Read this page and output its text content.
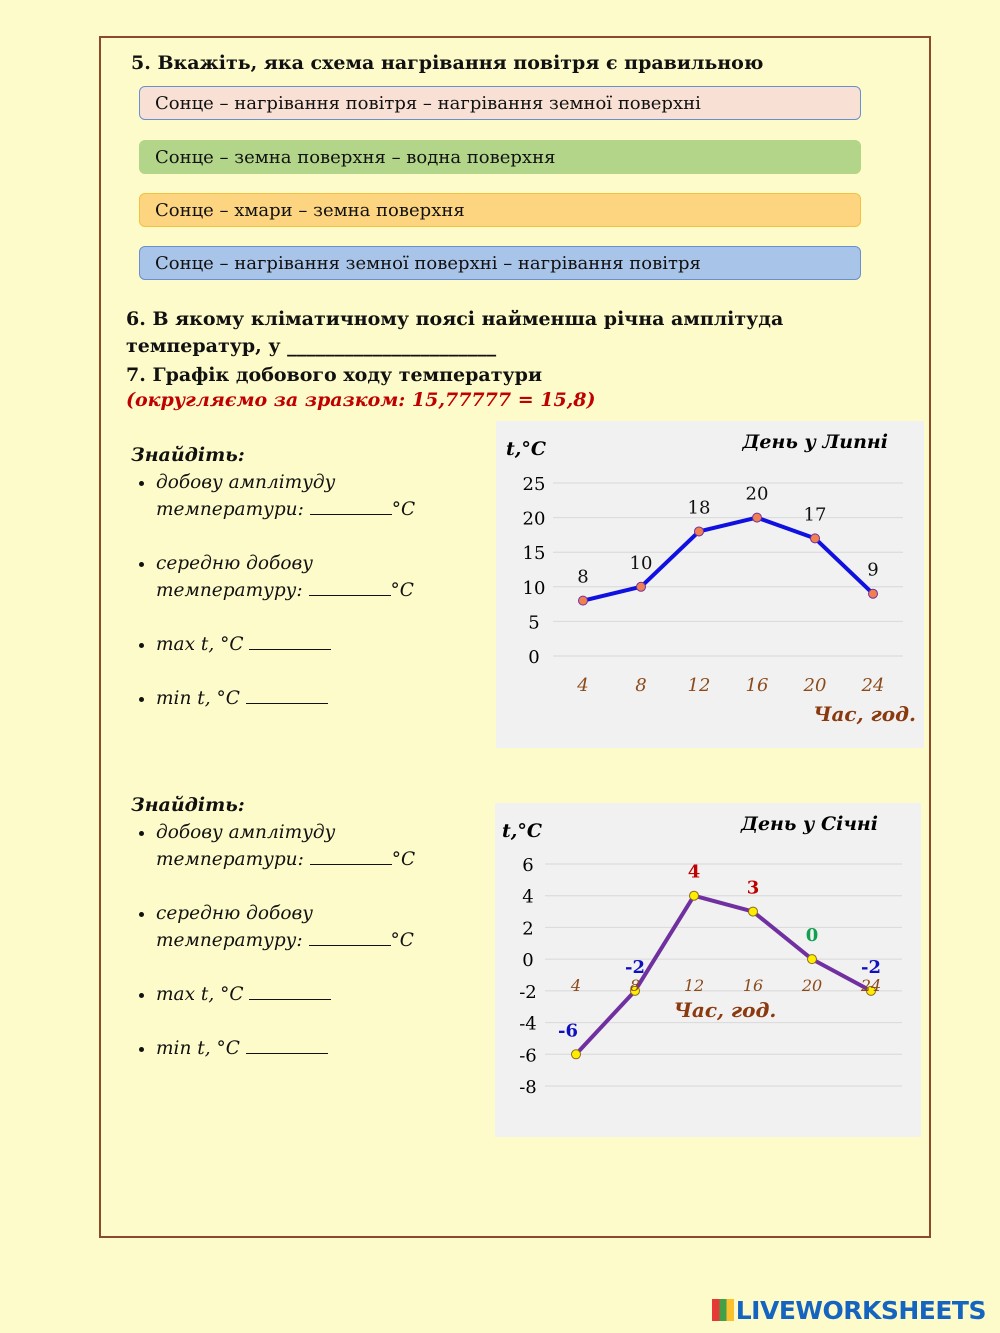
5. Вкажіть, яка схема нагрівання повітря є правильною
Сонце – нагрівання повітря – нагрівання земної поверхні
Сонце – земна поверхня – водна поверхня
Сонце – хмари – земна поверхня
Сонце – нагрівання земної поверхні – нагрівання повітря
6. В якому кліматичному поясі найменша річна амплітуда
температур, у ______________________
7. Графік добового ходу температури
(округляємо за зразком: 15,77777 = 15,8)
Знайдіть:
• добову амплітуду
температури:	°C
• середню добову
температуру:	°C
• max t, °C
• min t, °C
Знайдіть:
• добову амплітуду
температури:	°C
• середню добову
температуру:	°C
• max t, °C
• min t, °C
t,°C	День у Липні
25
20
15
10
5
0
Час, год.
8
10
18
20
17
9
4	8 12 16 20 24
t,°C	День у Січні
6
4
2
0
-2
-4
-6
-8
Час, год.
-6
-2
4
3
0
-2
4	8	12 16 20 24
LIVEWORKSHEETS
